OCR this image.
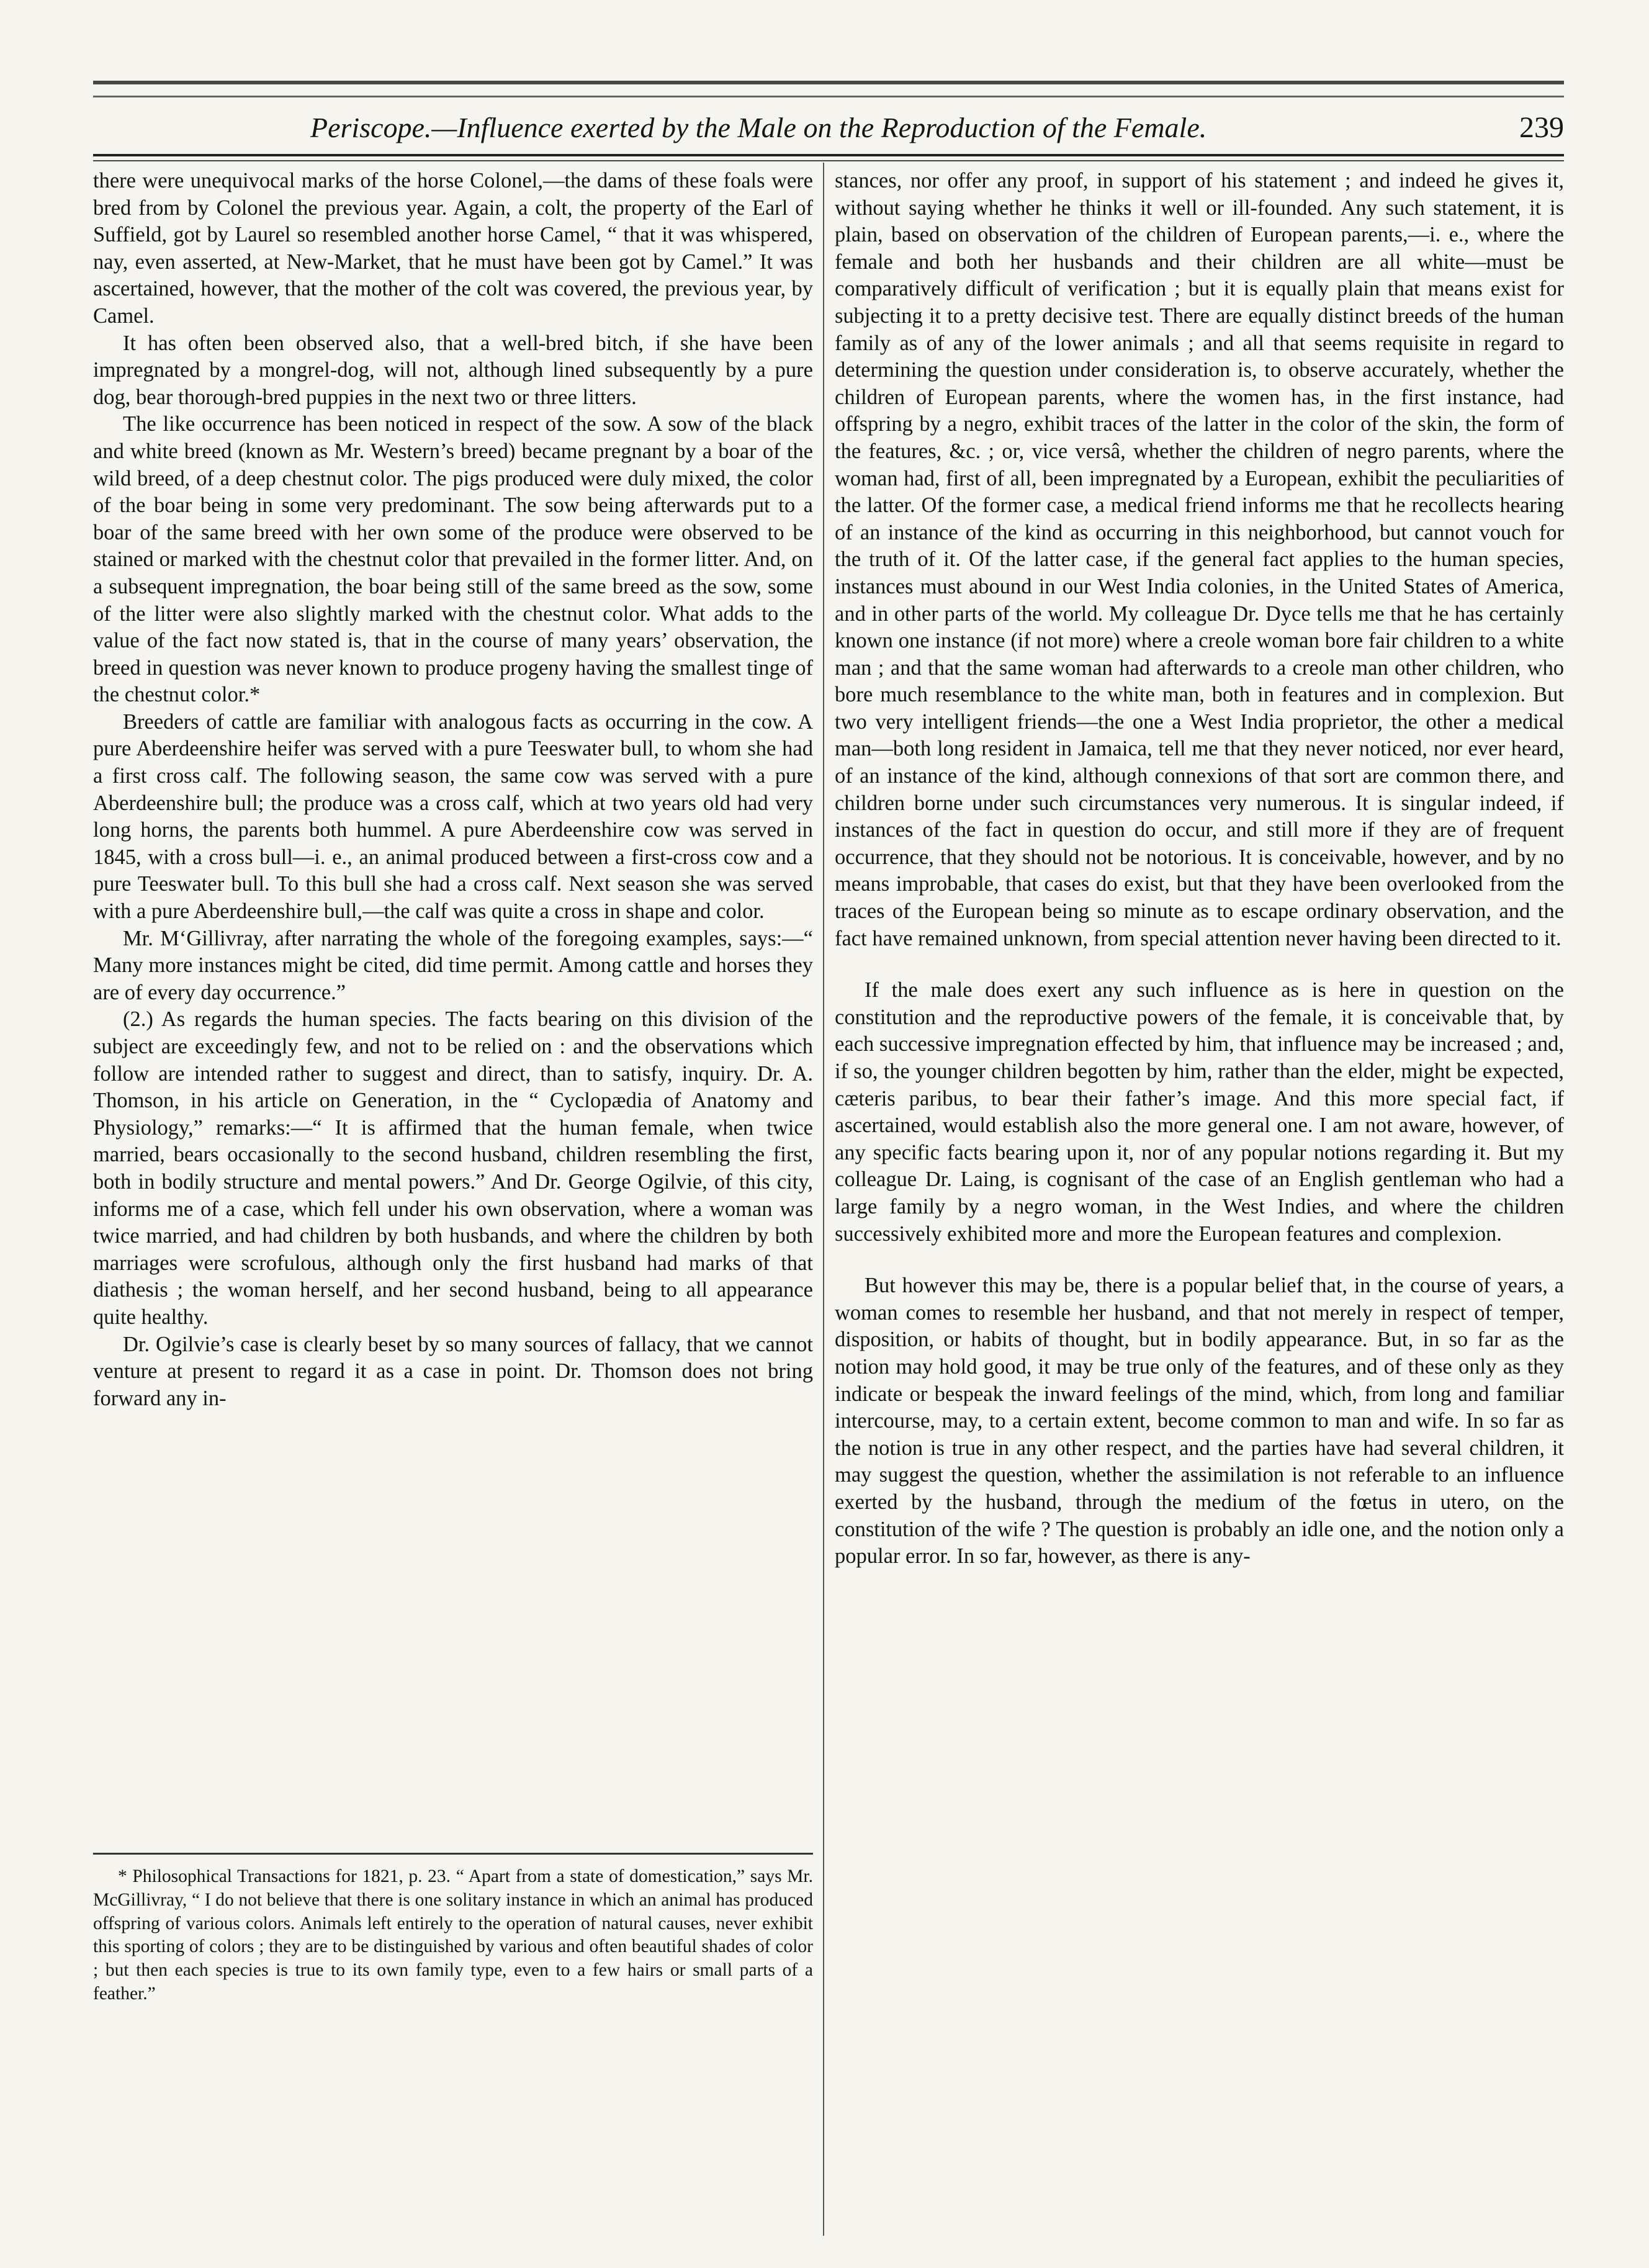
Periscope.—Influence exerted by the Male on the Reproduction of the Female.	239

there were unequivocal marks of the horse Colonel,—the dams of these foals were bred from by Colonel the previous year. Again, a colt, the property of the Earl of Suffield, got by Laurel so resembled another horse Camel, “ that it was whispered, nay, even asserted, at New-Market, that he must have been got by Camel.” It was ascertained, however, that the mother of the colt was covered, the previous year, by Camel.

It has often been observed also, that a well-bred bitch, if she have been impregnated by a mongrel-dog, will not, although lined subsequently by a pure dog, bear thorough-bred puppies in the next two or three litters.

The like occurrence has been noticed in respect of the sow. A sow of the black and white breed (known as Mr. Western’s breed) became pregnant by a boar of the wild breed, of a deep chestnut color. The pigs produced were duly mixed, the color of the boar being in some very predominant. The sow being afterwards put to a boar of the same breed with her own some of the produce were observed to be stained or marked with the chestnut color that prevailed in the former litter. And, on a subsequent impregnation, the boar being still of the same breed as the sow, some of the litter were also slightly marked with the chestnut color. What adds to the value of the fact now stated is, that in the course of many years’ observation, the breed in question was never known to produce progeny having the smallest tinge of the chestnut color.*

Breeders of cattle are familiar with analogous facts as occurring in the cow. A pure Aberdeenshire heifer was served with a pure Teeswater bull, to whom she had a first cross calf. The following season, the same cow was served with a pure Aberdeenshire bull; the produce was a cross calf, which at two years old had very long horns, the parents both hummel. A pure Aberdeenshire cow was served in 1845, with a cross bull—i. e., an animal produced between a first-cross cow and a pure Teeswater bull. To this bull she had a cross calf. Next season she was served with a pure Aberdeenshire bull,—the calf was quite a cross in shape and color.

Mr. M‘Gillivray, after narrating the whole of the foregoing examples, says:—“ Many more instances might be cited, did time permit. Among cattle and horses they are of every day occurrence.”

(2.) As regards the human species. The facts bearing on this division of the subject are exceedingly few, and not to be relied on : and the observations which follow are intended rather to suggest and direct, than to satisfy, inquiry. Dr. A. Thomson, in his article on Generation, in the “ Cyclopædia of Anatomy and Physiology,” remarks:—“ It is affirmed that the human female, when twice married, bears occasionally to the second husband, children resembling the first, both in bodily structure and mental powers.” And Dr. George Ogilvie, of this city, informs me of a case, which fell under his own observation, where a woman was twice married, and had children by both husbands, and where the children by both marriages were scrofulous, although only the first husband had marks of that diathesis ; the woman herself, and her second husband, being to all appearance quite healthy.

Dr. Ogilvie’s case is clearly beset by so many sources of fallacy, that we cannot venture at present to regard it as a case in point. Dr. Thomson does not bring forward any in-

stances, nor offer any proof, in support of his statement ; and indeed he gives it, without saying whether he thinks it well or ill-founded. Any such statement, it is plain, based on observation of the children of European parents,—i. e., where the female and both her husbands and their children are all white—must be comparatively difficult of verification ; but it is equally plain that means exist for subjecting it to a pretty decisive test. There are equally distinct breeds of the human family as of any of the lower animals ; and all that seems requisite in regard to determining the question under consideration is, to observe accurately, whether the children of European parents, where the women has, in the first instance, had offspring by a negro, exhibit traces of the latter in the color of the skin, the form of the features, &c. ; or, vice versâ, whether the children of negro parents, where the woman had, first of all, been impregnated by a European, exhibit the peculiarities of the latter. Of the former case, a medical friend informs me that he recollects hearing of an instance of the kind as occurring in this neighborhood, but cannot vouch for the truth of it. Of the latter case, if the general fact applies to the human species, instances must abound in our West India colonies, in the United States of America, and in other parts of the world. My colleague Dr. Dyce tells me that he has certainly known one instance (if not more) where a creole woman bore fair children to a white man ; and that the same woman had afterwards to a creole man other children, who bore much resemblance to the white man, both in features and in complexion. But two very intelligent friends—the one a West India proprietor, the other a medical man—both long resident in Jamaica, tell me that they never noticed, nor ever heard, of an instance of the kind, although connexions of that sort are common there, and children borne under such circumstances very numerous. It is singular indeed, if instances of the fact in question do occur, and still more if they are of frequent occurrence, that they should not be notorious. It is conceivable, however, and by no means improbable, that cases do exist, but that they have been overlooked from the traces of the European being so minute as to escape ordinary observation, and the fact have remained unknown, from special attention never having been directed to it.

If the male does exert any such influence as is here in question on the constitution and the reproductive powers of the female, it is conceivable that, by each successive impregnation effected by him, that influence may be increased ; and, if so, the younger children begotten by him, rather than the elder, might be expected, cæteris paribus, to bear their father’s image. And this more special fact, if ascertained, would establish also the more general one. I am not aware, however, of any specific facts bearing upon it, nor of any popular notions regarding it. But my colleague Dr. Laing, is cognisant of the case of an English gentleman who had a large family by a negro woman, in the West Indies, and where the children successively exhibited more and more the European features and complexion.

But however this may be, there is a popular belief that, in the course of years, a woman comes to resemble her husband, and that not merely in respect of temper, disposition, or habits of thought, but in bodily appearance. But, in so far as the notion may hold good, it may be true only of the features, and of these only as they indicate or bespeak the inward feelings of the mind, which, from long and familiar intercourse, may, to a certain extent, become common to man and wife. In so far as the notion is true in any other respect, and the parties have had several children, it may suggest the question, whether the assimilation is not referable to an influence exerted by the husband, through the medium of the fœtus in utero, on the constitution of the wife ? The question is probably an idle one, and the notion only a popular error. In so far, however, as there is any-

* Philosophical Transactions for 1821, p. 23. “ Apart from a state of domestication,” says Mr. McGillivray, “ I do not believe that there is one solitary instance in which an animal has produced offspring of various colors. Animals left entirely to the operation of natural causes, never exhibit this sporting of colors ; they are to be distinguished by various and often beautiful shades of color ; but then each species is true to its own family type, even to a few hairs or small parts of a feather.”
